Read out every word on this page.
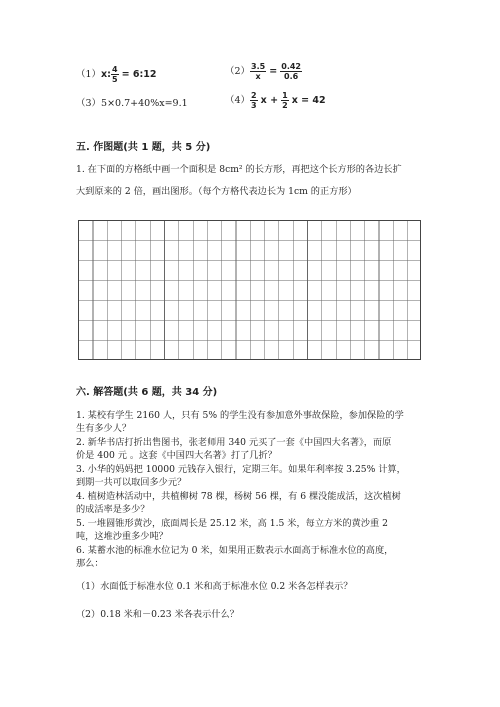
（1）x: $\frac{4}{5}$ = 6:12	$(2) \frac{3.5}{x} = \frac{0.42}{0.6}$
（3）5×0.7+40%x=9.1	$(4) \frac{2}{3}$ $x + \frac{1}{2}$ x = 42
五. 作图题(共 1 题，共 5 分)
1. 在下面的方格纸中画一个面积是 8cm² 的长方形，再把这个长方形的各边长扩
大到原来的 2 倍，画出图形。（每个方格代表边长为 1cm 的正方形）
六. 解答题(共 6 题，共 34 分)
1. 某校有学生 2160 人，只有 5% 的学生没有参加意外事故保险，参加保险的学
生有多少人？
2. 新华书店打折出售图书，张老师用 340 元买了一套《中国四大名著》，而原
价是 400 元 。这套《中国四大名著》打了几折？
3. 小华的妈妈把 10000 元钱存入银行，定期三年。如果年利率按 3.25% 计算，
到期一共可以取回多少元？
4. 植树造林活动中，共植柳树 78 棵，杨树 56 棵，有 6 棵没能成活，这次植树
的成活率是多少？
5. 一堆圆锥形黄沙，底面周长是 25.12 米，高 1.5 米，每立方米的黄沙重 2
吨，这堆沙重多少吨？
6. 某蓄水池的标准水位记为 0 米，如果用正数表示水面高于标准水位的高度，
那么：
（1）水面低于标准水位 0.1 米和高于标准水位 0.2 米各怎样表示？
（2）0.18 米和－0.23 米各表示什么？
